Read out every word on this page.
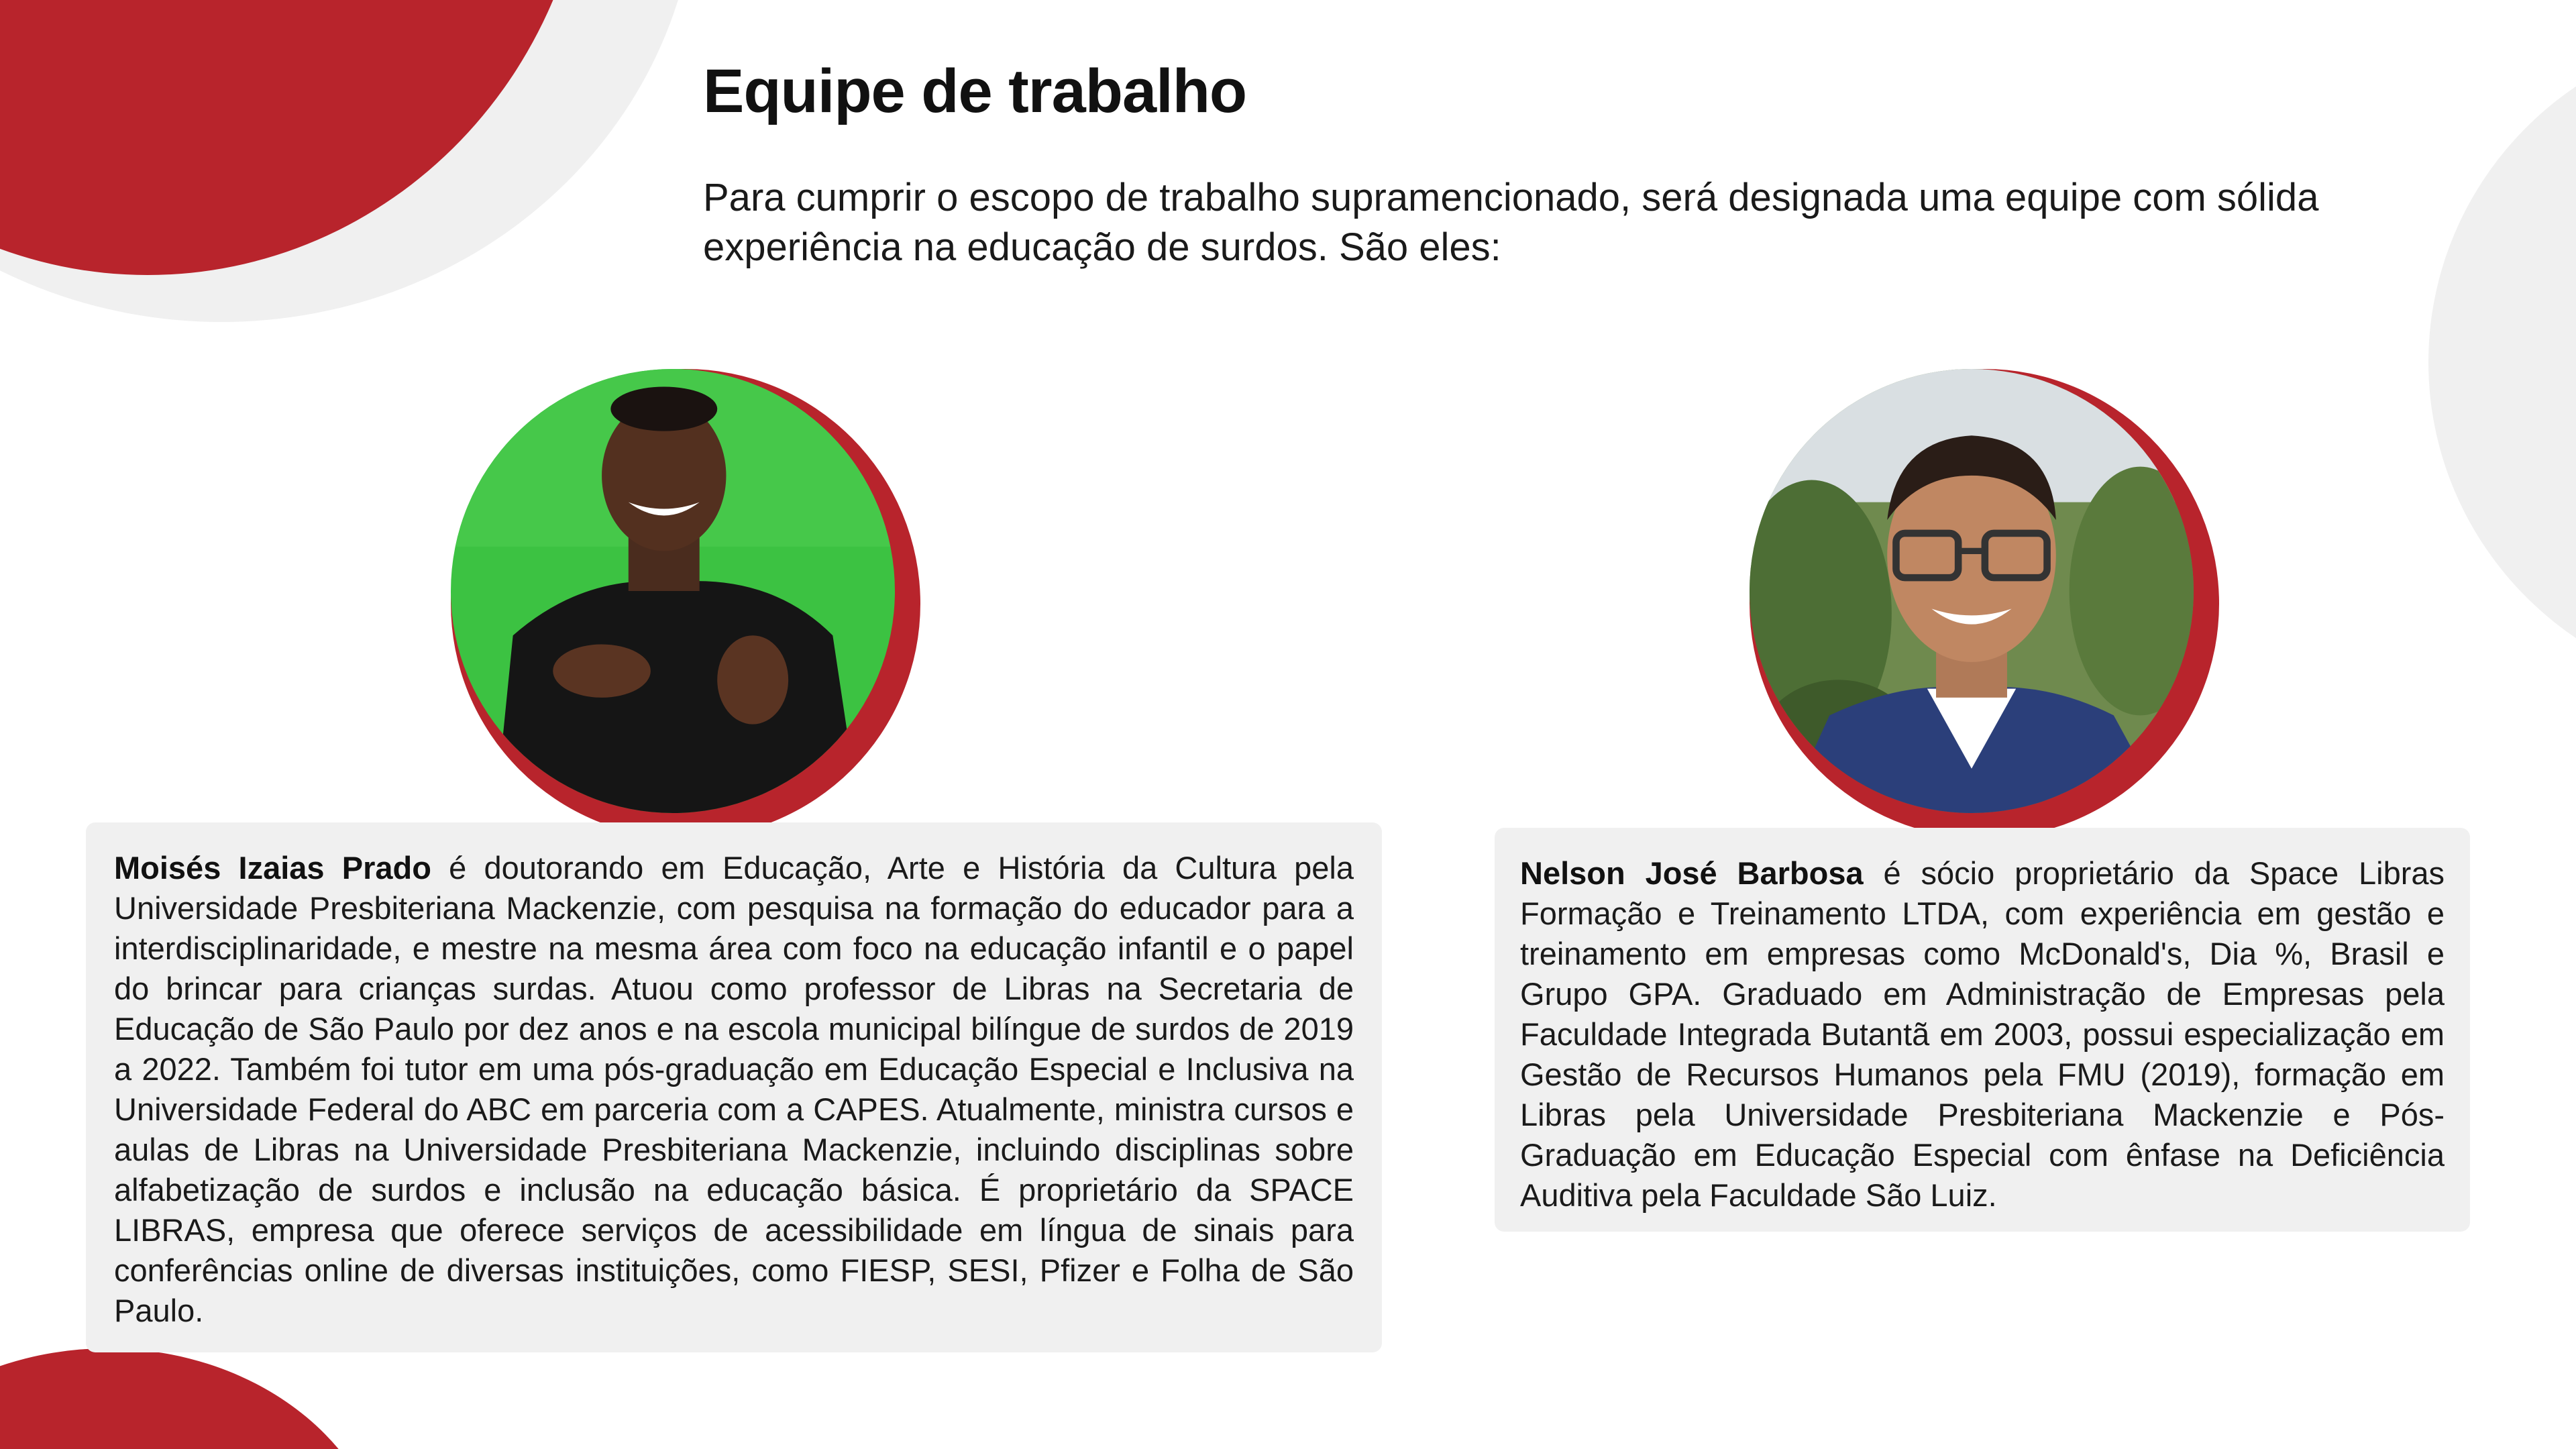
Equipe de trabalho

Para cumprir o escopo de trabalho supramencionado, será designada uma equipe com sólida experiência na educação de surdos. São eles:

Moisés Izaias Prado é doutorando em Educação, Arte e História da Cultura pela Universidade Presbiteriana Mackenzie, com pesquisa na formação do educador para a interdisciplinaridade, e mestre na mesma área com foco na educação infantil e o papel do brincar para crianças surdas. Atuou como professor de Libras na Secretaria de Educação de São Paulo por dez anos e na escola municipal bilíngue de surdos de 2019 a 2022. Também foi tutor em uma pós-graduação em Educação Especial e Inclusiva na Universidade Federal do ABC em parceria com a CAPES. Atualmente, ministra cursos e aulas de Libras na Universidade Presbiteriana Mackenzie, incluindo disciplinas sobre alfabetização de surdos e inclusão na educação básica. É proprietário da SPACE LIBRAS, empresa que oferece serviços de acessibilidade em língua de sinais para conferências online de diversas instituições, como FIESP, SESI, Pfizer e Folha de São Paulo.
Nelson José Barbosa é sócio proprietário da Space Libras Formação e Treinamento LTDA, com experiência em gestão e treinamento em empresas como McDonald's, Dia %, Brasil e Grupo GPA. Graduado em Administração de Empresas pela Faculdade Integrada Butantã em 2003, possui especialização em Gestão de Recursos Humanos pela FMU (2019), formação em Libras pela Universidade Presbiteriana Mackenzie e Pós-Graduação em Educação Especial com ênfase na Deficiência Auditiva pela Faculdade São Luiz.
